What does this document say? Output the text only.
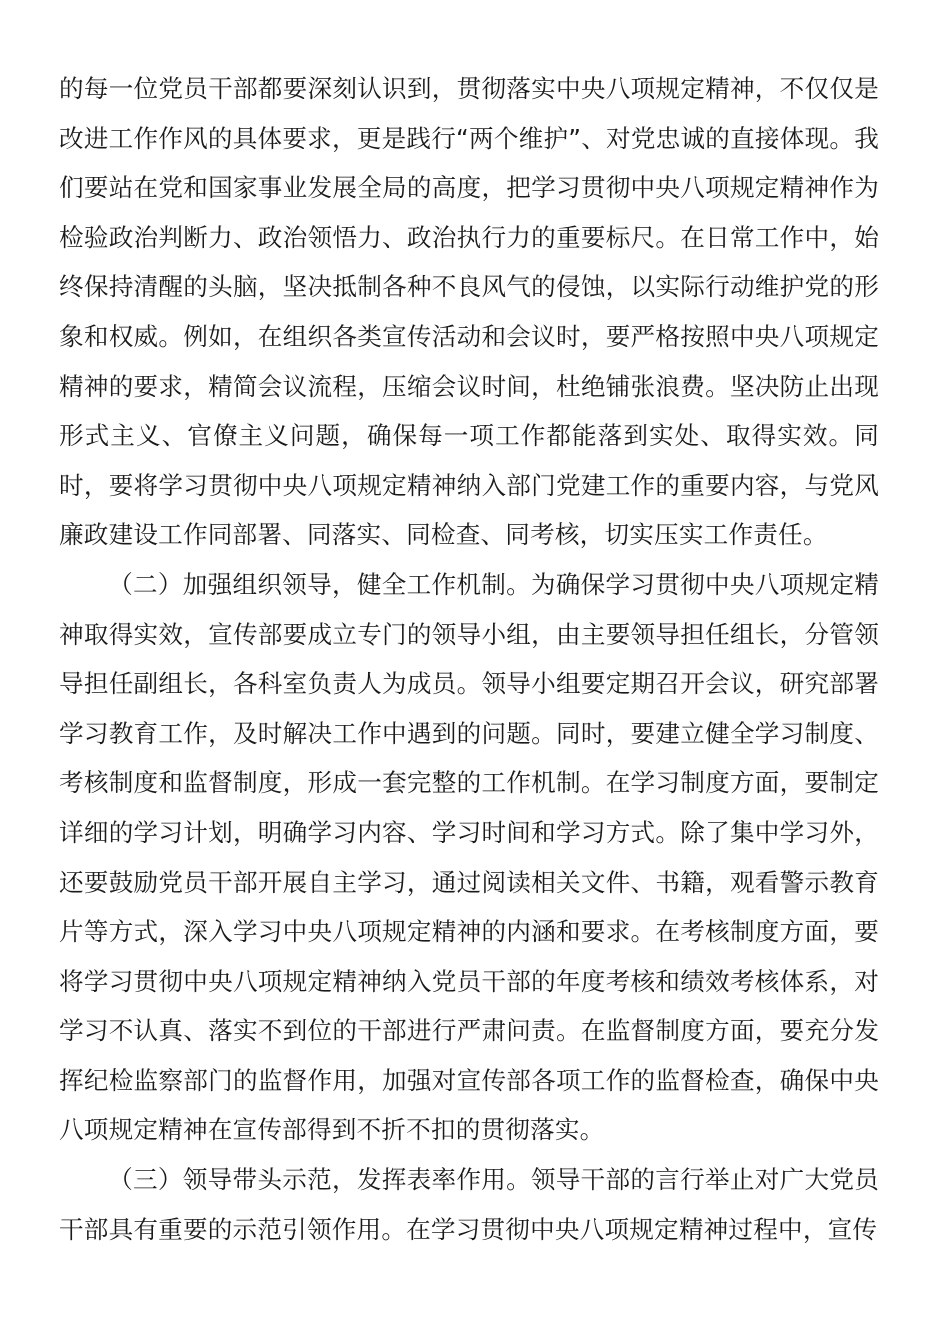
的每一位党员干部都要深刻认识到，贯彻落实中央八项规定精神，不仅仅是改进工作作风的具体要求，更是践行“两个维护”、对党忠诚的直接体现。我们要站在党和国家事业发展全局的高度，把学习贯彻中央八项规定精神作为检验政治判断力、政治领悟力、政治执行力的重要标尺。在日常工作中，始终保持清醒的头脑，坚决抵制各种不良风气的侵蚀，以实际行动维护党的形象和权威。例如，在组织各类宣传活动和会议时，要严格按照中央八项规定精神的要求，精简会议流程，压缩会议时间，杜绝铺张浪费。坚决防止出现形式主义、官僚主义问题，确保每一项工作都能落到实处、取得实效。同时，要将学习贯彻中央八项规定精神纳入部门党建工作的重要内容，与党风廉政建设工作同部署、同落实、同检查、同考核，切实压实工作责任。

（二）加强组织领导，健全工作机制。为确保学习贯彻中央八项规定精神取得实效，宣传部要成立专门的领导小组，由主要领导担任组长，分管领导担任副组长，各科室负责人为成员。领导小组要定期召开会议，研究部署学习教育工作，及时解决工作中遇到的问题。同时，要建立健全学习制度、考核制度和监督制度，形成一套完整的工作机制。在学习制度方面，要制定详细的学习计划，明确学习内容、学习时间和学习方式。除了集中学习外，还要鼓励党员干部开展自主学习，通过阅读相关文件、书籍，观看警示教育片等方式，深入学习中央八项规定精神的内涵和要求。在考核制度方面，要将学习贯彻中央八项规定精神纳入党员干部的年度考核和绩效考核体系，对学习不认真、落实不到位的干部进行严肃问责。在监督制度方面，要充分发挥纪检监察部门的监督作用，加强对宣传部各项工作的监督检查，确保中央八项规定精神在宣传部得到不折不扣的贯彻落实。

（三）领导带头示范，发挥表率作用。领导干部的言行举止对广大党员干部具有重要的示范引领作用。在学习贯彻中央八项规定精神过程中，宣传
